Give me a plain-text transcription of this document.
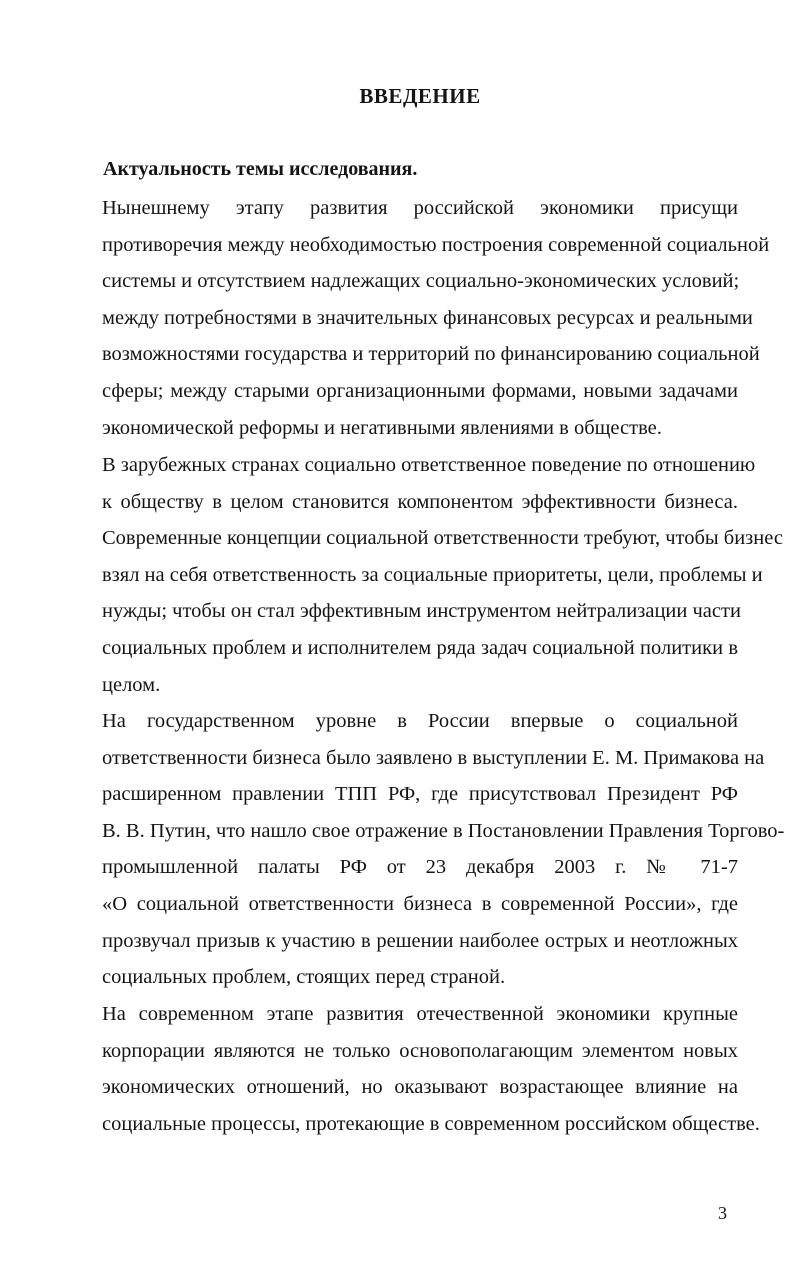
ВВЕДЕНИЕ
Актуальность темы исследования.
Нынешнему этапу развития российской экономики присущи
противоречия между необходимостью построения современной социальной
системы и отсутствием надлежащих социально-экономических условий;
между потребностями в значительных финансовых ресурсах и реальными
возможностями государства и территорий по финансированию социальной
сферы; между старыми организационными формами, новыми задачами
экономической реформы и негативными явлениями в обществе.
В зарубежных странах социально ответственное поведение по отношению
к обществу в целом становится компонентом эффективности бизнеса.
Современные концепции социальной ответственности требуют, чтобы бизнес
взял на себя ответственность за социальные приоритеты, цели, проблемы и
нужды; чтобы он стал эффективным инструментом нейтрализации части
социальных проблем и исполнителем ряда задач социальной политики в
целом.
На государственном уровне в России впервые о социальной
ответственности бизнеса было заявлено в выступлении Е. М. Примакова на
расширенном правлении ТПП РФ, где присутствовал Президент РФ
В. В. Путин, что нашло свое отражение в Постановлении Правления Торгово-
промышленной палаты РФ от 23 декабря 2003 г. № 71-7
«О социальной ответственности бизнеса в современной России», где
прозвучал призыв к участию в решении наиболее острых и неотложных
социальных проблем, стоящих перед страной.
На современном этапе развития отечественной экономики крупные
корпорации являются не только основополагающим элементом новых
экономических отношений, но оказывают возрастающее влияние на
социальные процессы, протекающие в современном российском обществе.
3
